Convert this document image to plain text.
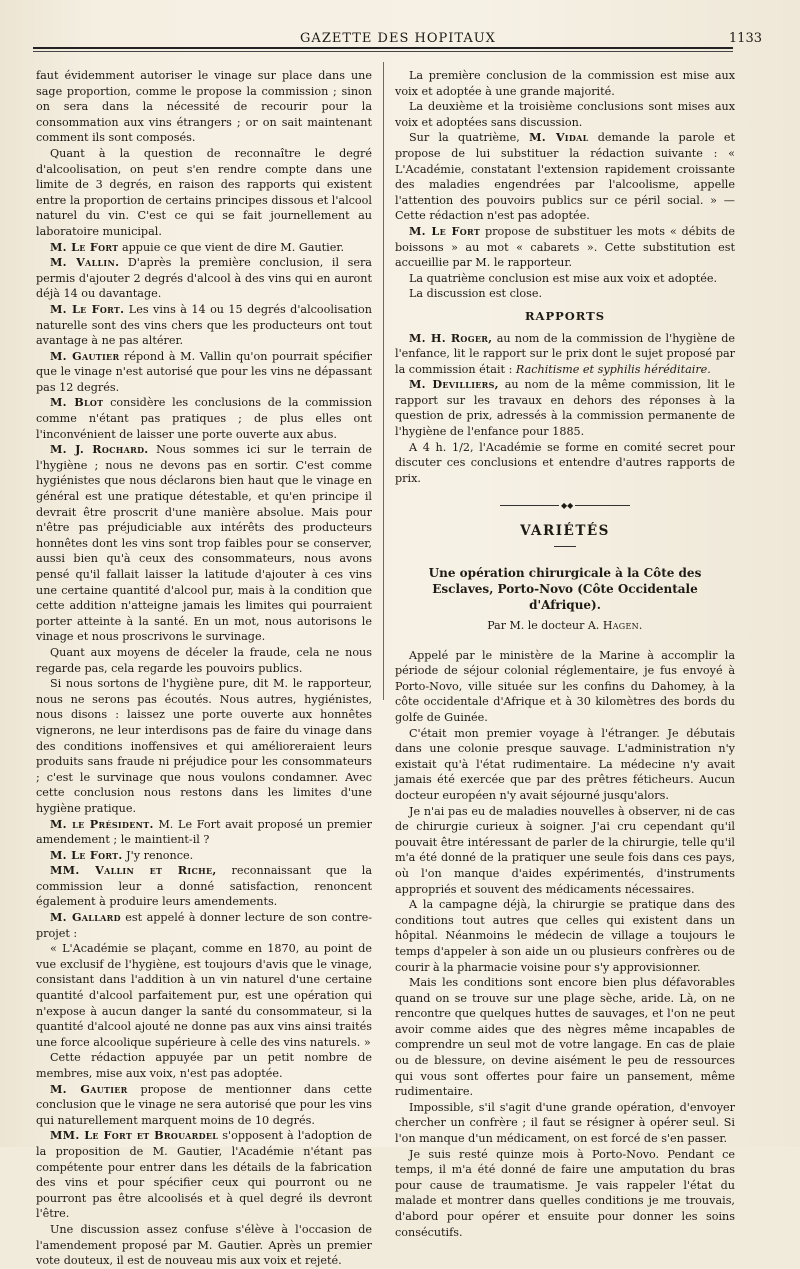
GAZETTE DES HOPITAUX	1133

faut évidemment autoriser le vinage sur place dans une sage proportion, comme le propose la commission ; sinon on sera dans la nécessité de recourir pour la consommation aux vins étrangers ; or on sait maintenant comment ils sont composés.

Quant à la question de reconnaître le degré d'alcoolisation, on peut s'en rendre compte dans une limite de 3 degrés, en raison des rapports qui existent entre la proportion de certains principes dissous et l'alcool naturel du vin. C'est ce qui se fait journellement au laboratoire municipal.

M. Le Fort appuie ce que vient de dire M. Gautier.

M. Vallin. D'après la première conclusion, il sera permis d'ajouter 2 degrés d'alcool à des vins qui en auront déjà 14 ou davantage.

M. Le Fort. Les vins à 14 ou 15 degrés d'alcoolisation naturelle sont des vins chers que les producteurs ont tout avantage à ne pas altérer.

M. Gautier répond à M. Vallin qu'on pourrait spécifier que le vinage n'est autorisé que pour les vins ne dépassant pas 12 degrés.

M. Blot considère les conclusions de la commission comme n'étant pas pratiques ; de plus elles ont l'inconvénient de laisser une porte ouverte aux abus.

M. J. Rochard. Nous sommes ici sur le terrain de l'hygiène ; nous ne devons pas en sortir. C'est comme hygiénistes que nous déclarons bien haut que le vinage en général est une pratique détestable, et qu'en principe il devrait être proscrit d'une manière absolue. Mais pour n'être pas préjudiciable aux intérêts des producteurs honnêtes dont les vins sont trop faibles pour se conserver, aussi bien qu'à ceux des consommateurs, nous avons pensé qu'il fallait laisser la latitude d'ajouter à ces vins une certaine quantité d'alcool pur, mais à la condition que cette addition n'atteigne jamais les limites qui pourraient porter atteinte à la santé. En un mot, nous autorisons le vinage et nous proscrivons le survinage.

Quant aux moyens de déceler la fraude, cela ne nous regarde pas, cela regarde les pouvoirs publics.

Si nous sortons de l'hygiène pure, dit M. le rapporteur, nous ne serons pas écoutés. Nous autres, hygiénistes, nous disons : laissez une porte ouverte aux honnêtes vignerons, ne leur interdisons pas de faire du vinage dans des conditions inoffensives et qui amélioreraient leurs produits sans fraude ni préjudice pour les consommateurs ; c'est le survinage que nous voulons condamner. Avec cette conclusion nous restons dans les limites d'une hygiène pratique.

M. le Président. M. Le Fort avait proposé un premier amendement ; le maintient-il ?

M. Le Fort. J'y renonce.

MM. Vallin et Riche, reconnaissant que la commission leur a donné satisfaction, renoncent également à produire leurs amendements.

M. Gallard est appelé à donner lecture de son contre-projet :

« L'Académie se plaçant, comme en 1870, au point de vue exclusif de l'hygiène, est toujours d'avis que le vinage, consistant dans l'addition à un vin naturel d'une certaine quantité d'alcool parfaitement pur, est une opération qui n'expose à aucun danger la santé du consommateur, si la quantité d'alcool ajouté ne donne pas aux vins ainsi traités une force alcoolique supérieure à celle des vins naturels. »

Cette rédaction appuyée par un petit nombre de membres, mise aux voix, n'est pas adoptée.

M. Gautier propose de mentionner dans cette conclusion que le vinage ne sera autorisé que pour les vins qui naturellement marquent moins de 10 degrés.

MM. Le Fort et Brouardel s'opposent à l'adoption de la proposition de M. Gautier, l'Académie n'étant pas compétente pour entrer dans les détails de la fabrication des vins et pour spécifier ceux qui pourront ou ne pourront pas être alcoolisés et à quel degré ils devront l'être.

Une discussion assez confuse s'élève à l'occasion de l'amendement proposé par M. Gautier. Après un premier vote douteux, il est de nouveau mis aux voix et rejeté.

La première conclusion de la commission est mise aux voix et adoptée à une grande majorité.

La deuxième et la troisième conclusions sont mises aux voix et adoptées sans discussion.

Sur la quatrième, M. Vidal demande la parole et propose de lui substituer la rédaction suivante : « L'Académie, constatant l'extension rapidement croissante des maladies engendrées par l'alcoolisme, appelle l'attention des pouvoirs publics sur ce péril social. » — Cette rédaction n'est pas adoptée.

M. Le Fort propose de substituer les mots « débits de boissons » au mot « cabarets ». Cette substitution est accueillie par M. le rapporteur.

La quatrième conclusion est mise aux voix et adoptée.

La discussion est close.

RAPPORTS

M. H. Roger, au nom de la commission de l'hygiène de l'enfance, lit le rapport sur le prix dont le sujet proposé par la commission était : Rachitisme et syphilis héréditaire.

M. Devilliers, au nom de la même commission, lit le rapport sur les travaux en dehors des réponses à la question de prix, adressés à la commission permanente de l'hygiène de l'enfance pour 1885.

A 4 h. 1/2, l'Académie se forme en comité secret pour discuter ces conclusions et entendre d'autres rapports de prix.

◆◆
VARIÉTÉS
Une opération chirurgicale à la Côte des Esclaves, Porto-Novo (Côte Occidentale d'Afrique).
Par M. le docteur A. Hagen.

Appelé par le ministère de la Marine à accomplir la période de séjour colonial réglementaire, je fus envoyé à Porto-Novo, ville située sur les confins du Dahomey, à la côte occidentale d'Afrique et à 30 kilomètres des bords du golfe de Guinée.

C'était mon premier voyage à l'étranger. Je débutais dans une colonie presque sauvage. L'administration n'y existait qu'à l'état rudimentaire. La médecine n'y avait jamais été exercée que par des prêtres féticheurs. Aucun docteur européen n'y avait séjourné jusqu'alors.

Je n'ai pas eu de maladies nouvelles à observer, ni de cas de chirurgie curieux à soigner. J'ai cru cependant qu'il pouvait être intéressant de parler de la chirurgie, telle qu'il m'a été donné de la pratiquer une seule fois dans ces pays, où l'on manque d'aides expérimentés, d'instruments appropriés et souvent des médicaments nécessaires.

A la campagne déjà, la chirurgie se pratique dans des conditions tout autres que celles qui existent dans un hôpital. Néanmoins le médecin de village a toujours le temps d'appeler à son aide un ou plusieurs confrères ou de courir à la pharmacie voisine pour s'y approvisionner.

Mais les conditions sont encore bien plus défavorables quand on se trouve sur une plage sèche, aride. Là, on ne rencontre que quelques huttes de sauvages, et l'on ne peut avoir comme aides que des nègres même incapables de comprendre un seul mot de votre langage. En cas de plaie ou de blessure, on devine aisément le peu de ressources qui vous sont offertes pour faire un pansement, même rudimentaire.

Impossible, s'il s'agit d'une grande opération, d'envoyer chercher un confrère ; il faut se résigner à opérer seul. Si l'on manque d'un médicament, on est forcé de s'en passer.

Je suis resté quinze mois à Porto-Novo. Pendant ce temps, il m'a été donné de faire une amputation du bras pour cause de traumatisme. Je vais rappeler l'état du malade et montrer dans quelles conditions je me trouvais, d'abord pour opérer et ensuite pour donner les soins consécutifs.
